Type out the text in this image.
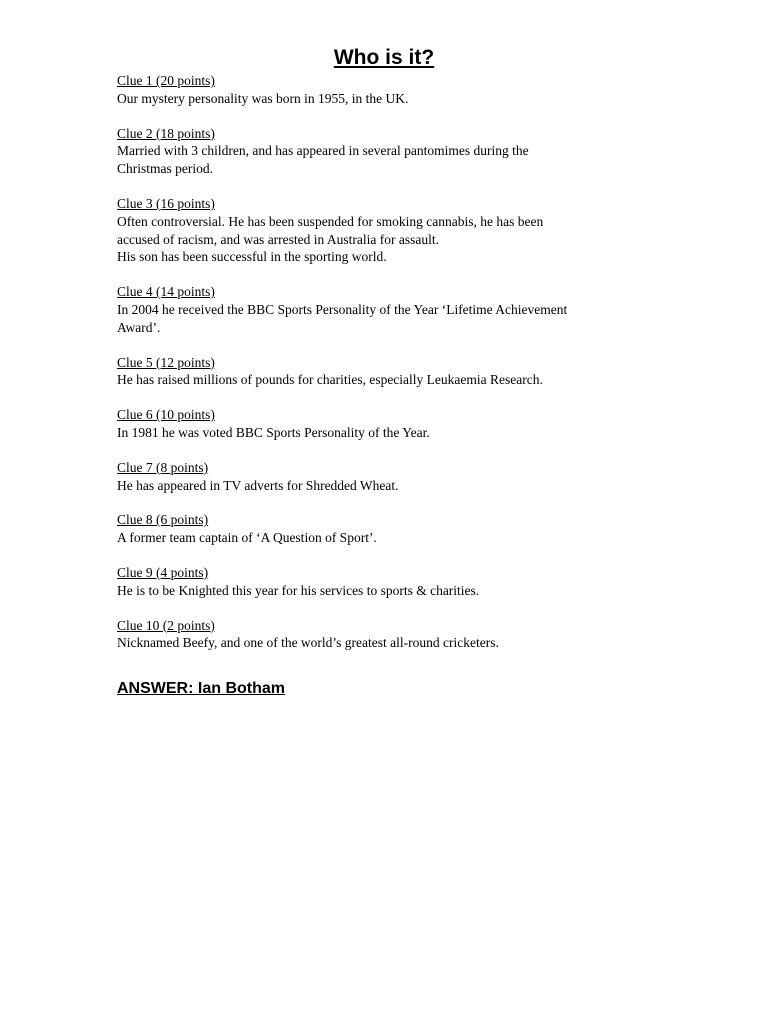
Who is it?
Clue 1 (20 points)
Our mystery personality was born in 1955, in the UK.
Clue 2 (18 points)
Married with 3 children, and has appeared in several pantomimes during the
Christmas period.
Clue 3 (16 points)
Often controversial. He has been suspended for smoking cannabis, he has been
accused of racism, and was arrested in Australia for assault.
His son has been successful in the sporting world.
Clue 4 (14 points)
In 2004 he received the BBC Sports Personality of the Year ‘Lifetime Achievement
Award’.
Clue 5 (12 points)
He has raised millions of pounds for charities, especially Leukaemia Research.
Clue 6 (10 points)
In 1981 he was voted BBC Sports Personality of the Year.
Clue 7 (8 points)
He has appeared in TV adverts for Shredded Wheat.
Clue 8 (6 points)
A former team captain of ‘A Question of Sport’.
Clue 9 (4 points)
He is to be Knighted this year for his services to sports & charities.
Clue 10 (2 points)
Nicknamed Beefy, and one of the world’s greatest all-round cricketers.

ANSWER: Ian Botham
